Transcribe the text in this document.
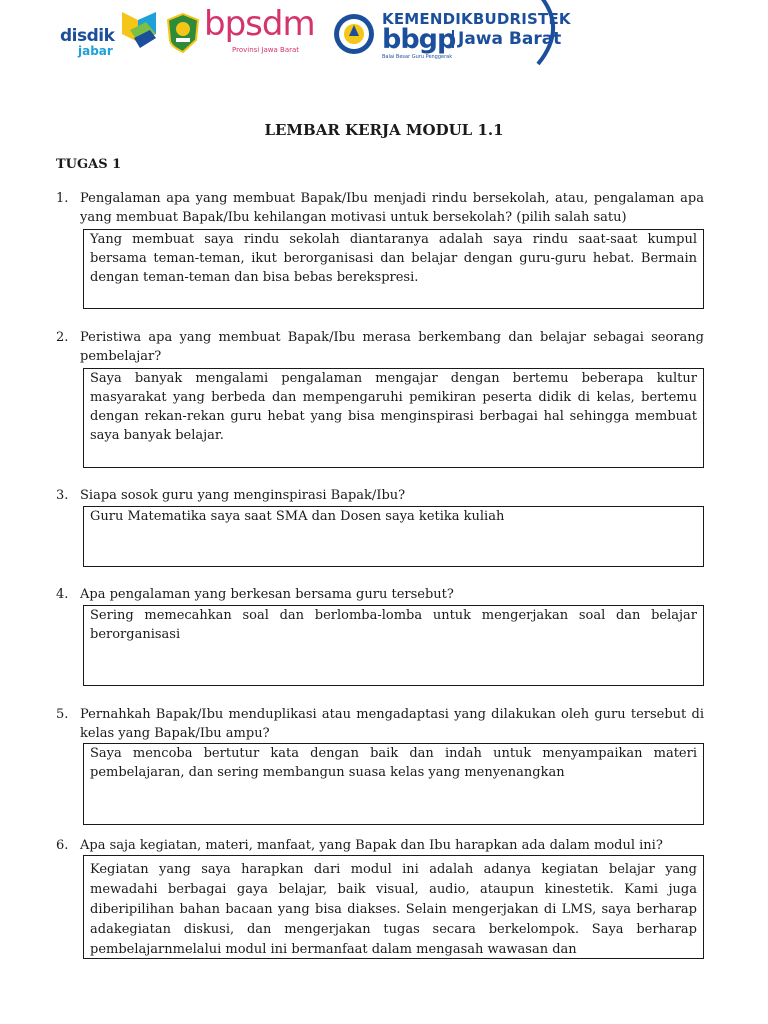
disdik
jabar
bpsdm
Provinsi Jawa Barat
KEMENDIKBUDRISTEK
bbgp Jawa Barat
Balai Besar Guru Penggerak
LEMBAR KERJA MODUL 1.1
TUGAS 1
1. Pengalaman apa yang membuat Bapak/Ibu menjadi rindu bersekolah, atau, pengalaman apa yang membuat Bapak/Ibu kehilangan motivasi untuk bersekolah? (pilih salah satu)
Yang membuat saya rindu sekolah diantaranya adalah saya rindu saat-saat kumpul bersama teman-teman, ikut berorganisasi dan belajar dengan guru-guru hebat. Bermain dengan teman-teman dan bisa bebas berekspresi.
2. Peristiwa apa yang membuat Bapak/Ibu merasa berkembang dan belajar sebagai seorang pembelajar?
Saya banyak mengalami pengalaman mengajar dengan bertemu beberapa kultur masyarakat yang berbeda dan mempengaruhi pemikiran peserta didik di kelas, bertemu dengan rekan-rekan guru hebat yang bisa menginspirasi berbagai hal sehingga membuat saya banyak belajar.
3. Siapa sosok guru yang menginspirasi Bapak/Ibu?
Guru Matematika saya saat SMA dan Dosen saya ketika kuliah
4. Apa pengalaman yang berkesan bersama guru tersebut?
Sering memecahkan soal dan berlomba-lomba untuk mengerjakan soal dan belajar berorganisasi
5. Pernahkah Bapak/Ibu menduplikasi atau mengadaptasi yang dilakukan oleh guru tersebut di kelas yang Bapak/Ibu ampu?
Saya mencoba bertutur kata dengan baik dan indah untuk menyampaikan materi pembelajaran, dan sering membangun suasa kelas yang menyenangkan
6. Apa saja kegiatan, materi, manfaat, yang Bapak dan Ibu harapkan ada dalam modul ini?
Kegiatan yang saya harapkan dari modul ini adalah adanya kegiatan belajar yang mewadahi berbagai gaya belajar, baik visual, audio, ataupun kinestetik. Kami juga diberipilihan bahan bacaan yang bisa diakses. Selain mengerjakan di LMS, saya berharap adakegiatan diskusi, dan mengerjakan tugas secara berkelompok. Saya berharap pembelajarnmelalui modul ini bermanfaat dalam mengasah wawasan dan
